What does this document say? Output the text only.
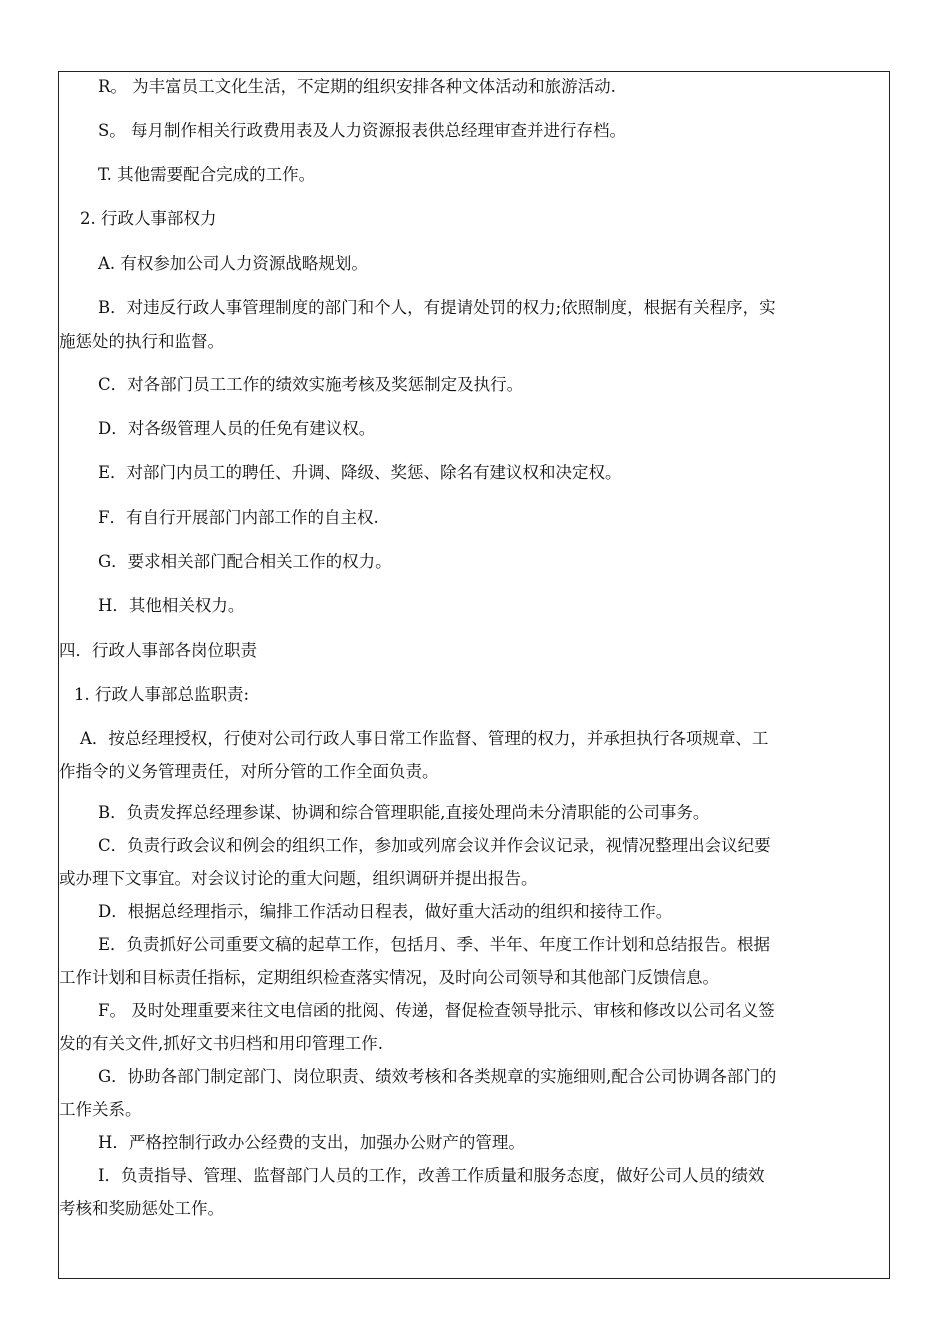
R。 为丰富员工文化生活，不定期的组织安排各种文体活动和旅游活动.
S。 每月制作相关行政费用表及人力资源报表供总经理审查并进行存档。
T. 其他需要配合完成的工作。
2. 行政人事部权力
A. 有权参加公司人力资源战略规划。
B．对违反行政人事管理制度的部门和个人，有提请处罚的权力;依照制度，根据有关程序，实
施惩处的执行和监督。
C．对各部门员工工作的绩效实施考核及奖惩制定及执行。
D．对各级管理人员的任免有建议权。
E．对部门内员工的聘任、升调、降级、奖惩、除名有建议权和决定权。
F．有自行开展部门内部工作的自主权.
G．要求相关部门配合相关工作的权力。
H．其他相关权力。
四．行政人事部各岗位职责
1. 行政人事部总监职责:
A．按总经理授权，行使对公司行政人事日常工作监督、管理的权力，并承担执行各项规章、工
作指令的义务管理责任，对所分管的工作全面负责。
B．负责发挥总经理参谋、协调和综合管理职能,直接处理尚未分清职能的公司事务。
C．负责行政会议和例会的组织工作，参加或列席会议并作会议记录，视情况整理出会议纪要
或办理下文事宜。对会议讨论的重大问题，组织调研并提出报告。
D．根据总经理指示，编排工作活动日程表，做好重大活动的组织和接待工作。
E．负责抓好公司重要文稿的起草工作，包括月、季、半年、年度工作计划和总结报告。根据
工作计划和目标责任指标，定期组织检查落实情况，及时向公司领导和其他部门反馈信息。
F。 及时处理重要来往文电信函的批阅、传递，督促检查领导批示、审核和修改以公司名义签
发的有关文件,抓好文书归档和用印管理工作.
G．协助各部门制定部门、岗位职责、绩效考核和各类规章的实施细则,配合公司协调各部门的
工作关系。
H．严格控制行政办公经费的支出，加强办公财产的管理。
I．负责指导、管理、监督部门人员的工作，改善工作质量和服务态度，做好公司人员的绩效
考核和奖励惩处工作。
